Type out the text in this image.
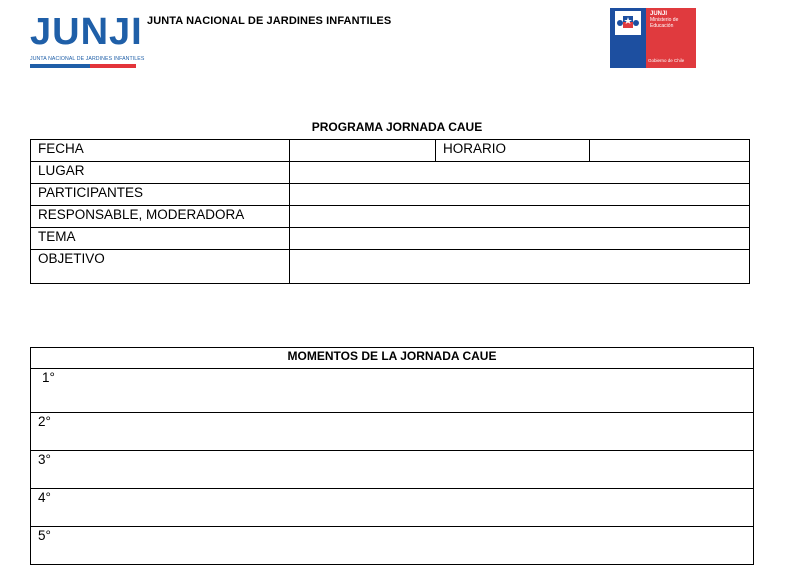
JUNJI
JUNTA NACIONAL DE JARDINES INFANTILES
JUNTA NACIONAL DE JARDINES INFANTILES
JUNJI
Ministerio de
Educación
Gobierno de Chile
PROGRAMA JORNADA CAUE
FECHA		HORARIO	
LUGAR			
PARTICIPANTES			
RESPONSABLE, MODERADORA			
TEMA			
OBJETIVO			
MOMENTOS DE LA JORNADA CAUE
1°
2°
3°
4°
5°
